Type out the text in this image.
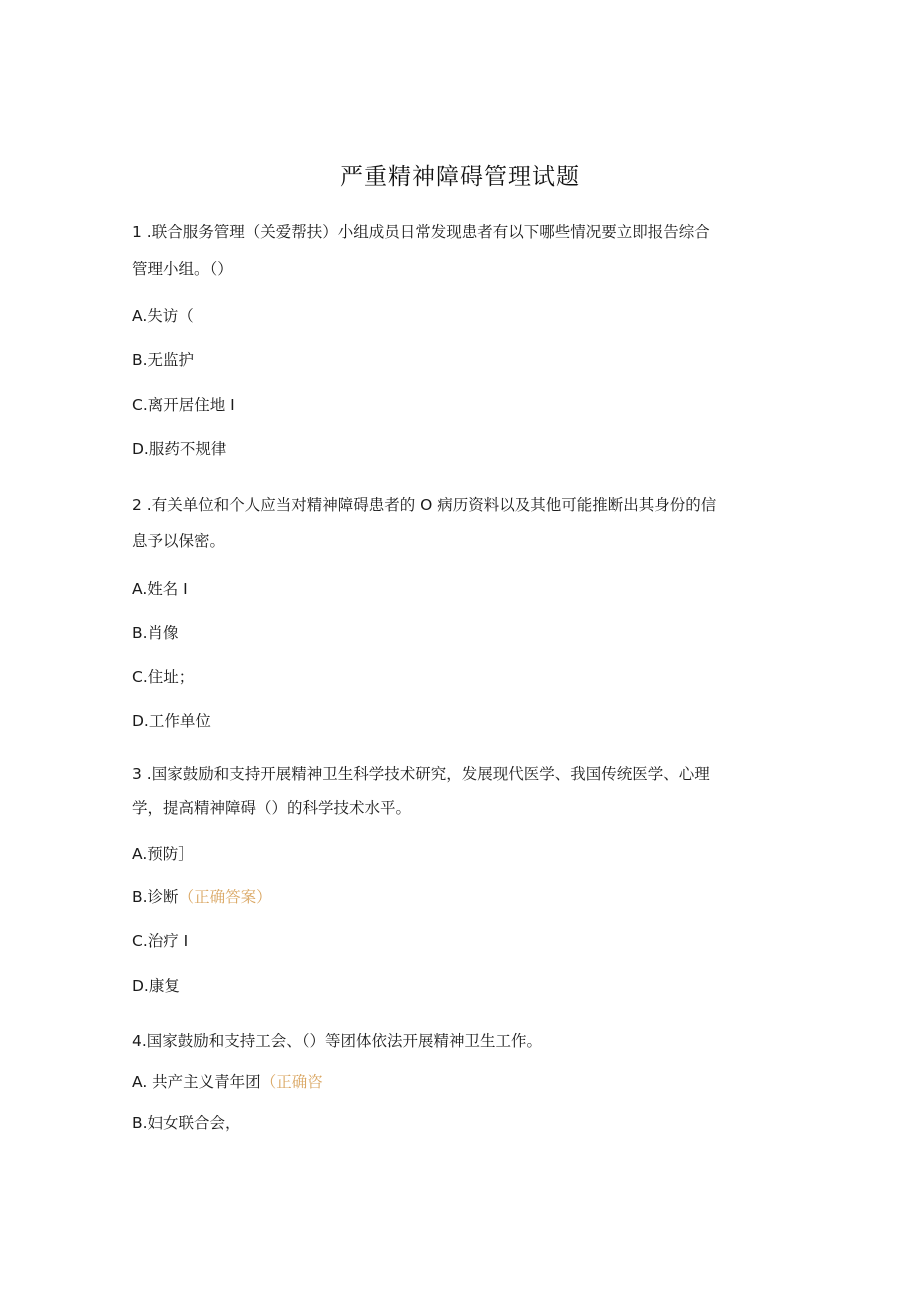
严重精神障碍管理试题
1 .联合服务管理（关爱帮扶）小组成员日常发现患者有以下哪些情况要立即报告综合
管理小组。（）
A.失访（
B.无监护
C.离开居住地 I
D.服药不规律
2 .有关单位和个人应当对精神障碍患者的 O 病历资料以及其他可能推断出其身份的信
息予以保密。
A.姓名 I
B.肖像
C.住址；
D.工作单位
3 .国家鼓励和支持开展精神卫生科学技术研究，发展现代医学、我国传统医学、心理
学，提高精神障碍（）的科学技术水平。
A.预防］
B.诊断（正确答案）
C.治疗 I
D.康复
4.国家鼓励和支持工会、（）等团体依法开展精神卫生工作。
A. 共产主义青年团（正确咨
B.妇女联合会，
